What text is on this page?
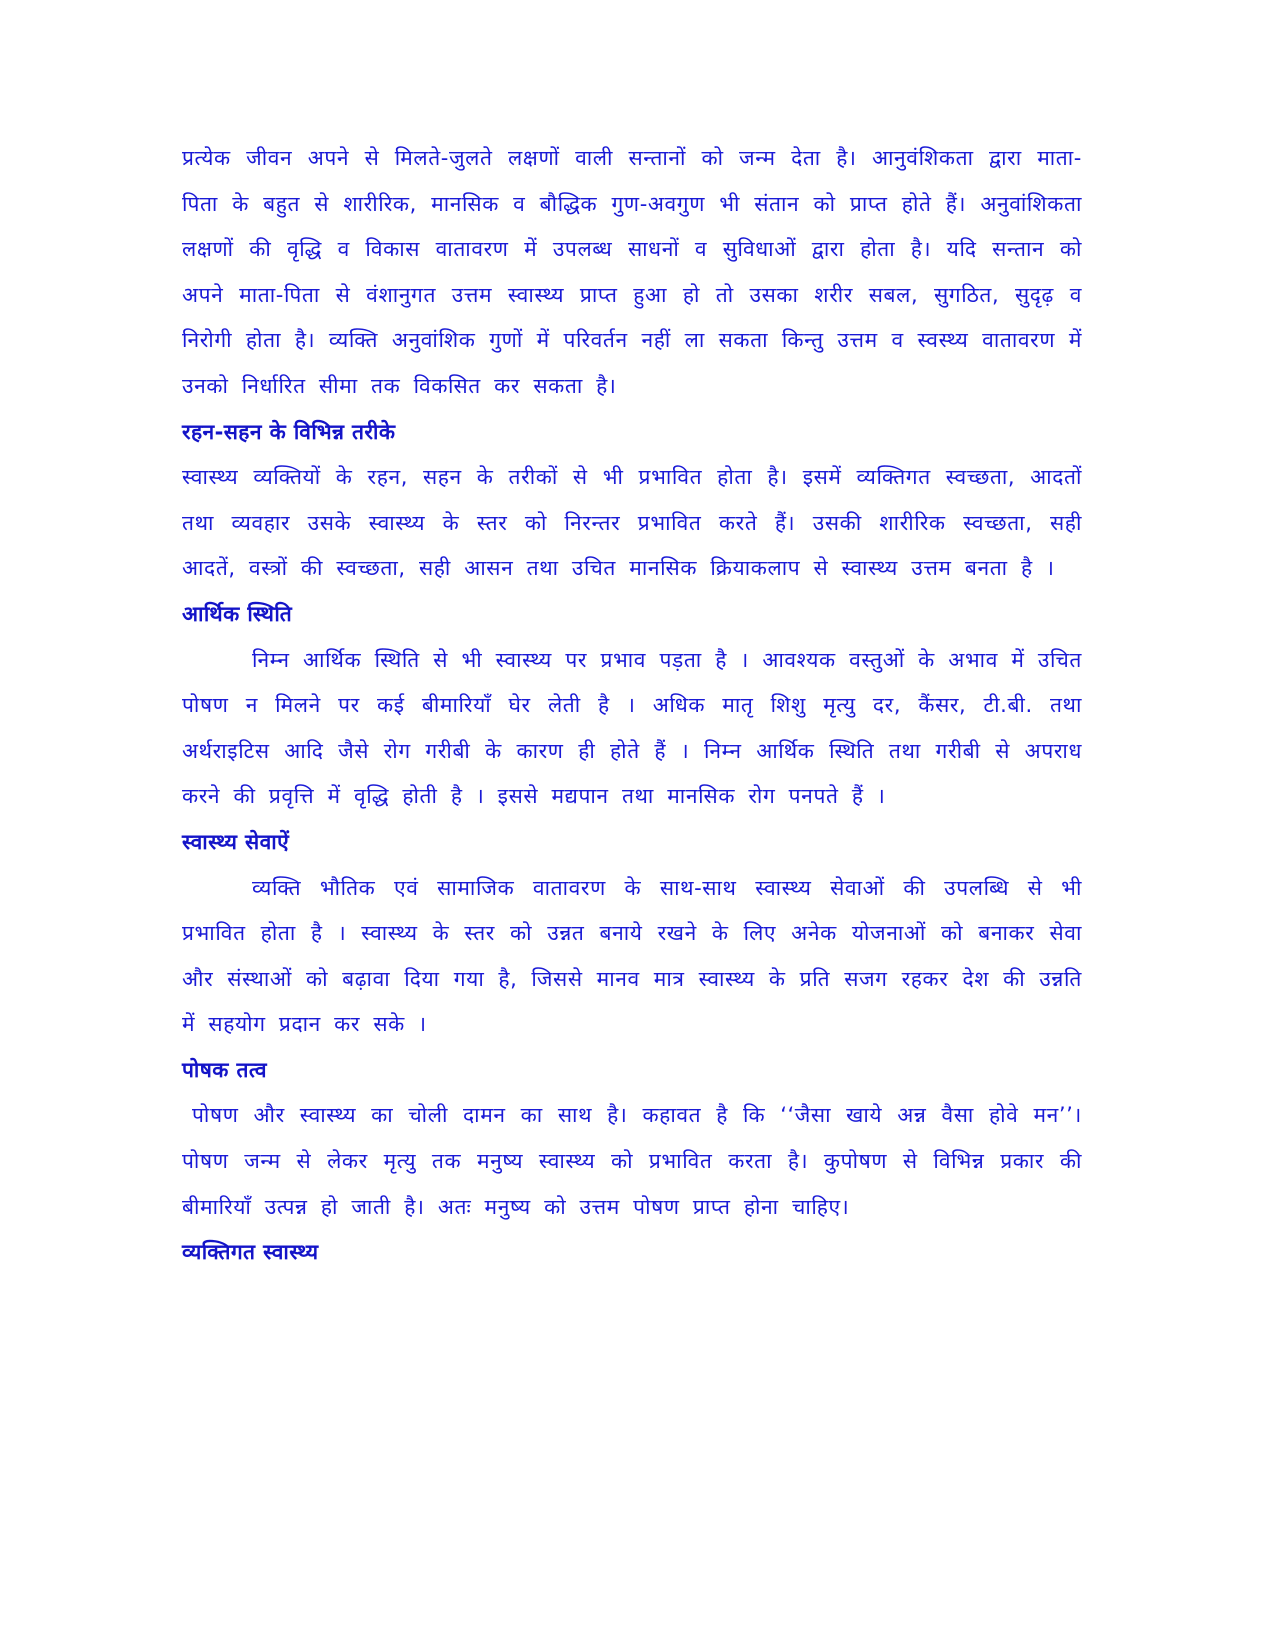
प्रत्येक जीवन अपने से मिलते-जुलते लक्षणों वाली सन्तानों को जन्म देता है। आनुवंशिकता द्वारा माता-पिता के बहुत से शारीरिक, मानसिक व बौद्धिक गुण-अवगुण भी संतान को प्राप्त होते हैं। अनुवांशिकता लक्षणों की वृद्धि व विकास वातावरण में उपलब्ध साधनों व सुविधाओं द्वारा होता है। यदि सन्तान को अपने माता-पिता से वंशानुगत उत्तम स्वास्थ्य प्राप्त हुआ हो तो उसका शरीर सबल, सुगठित, सुदृढ़ व निरोगी होता है। व्यक्ति अनुवांशिक गुणों में परिवर्तन नहीं ला सकता किन्तु उत्तम व स्वस्थ्य वातावरण में उनको निर्धारित सीमा तक विकसित कर सकता है।

रहन-सहन के विभिन्न तरीके

स्वास्थ्य व्यक्तियों के रहन, सहन के तरीकों से भी प्रभावित होता है। इसमें व्यक्तिगत स्वच्छता, आदतों तथा व्यवहार उसके स्वास्थ्य के स्तर को निरन्तर प्रभावित करते हैं। उसकी शारीरिक स्वच्छता, सही आदतें, वस्त्रों की स्वच्छता, सही आसन तथा उचित मानसिक क्रियाकलाप से स्वास्थ्य उत्तम बनता है ।

आर्थिक स्थिति

निम्न आर्थिक स्थिति से भी स्वास्थ्य पर प्रभाव पड़ता है । आवश्यक वस्तुओं के अभाव में उचित पोषण न मिलने पर कई बीमारियाँ घेर लेती है । अधिक मातृ शिशु मृत्यु दर, कैंसर, टी.बी. तथा अर्थराइटिस आदि जैसे रोग गरीबी के कारण ही होते हैं । निम्न आर्थिक स्थिति तथा गरीबी से अपराध करने की प्रवृत्ति में वृद्धि होती है । इससे मद्यपान तथा मानसिक रोग पनपते हैं ।

स्वास्थ्य सेवाऐं

व्यक्ति भौतिक एवं सामाजिक वातावरण के साथ-साथ स्वास्थ्य सेवाओं की उपलब्धि से भी प्रभावित होता है । स्वास्थ्य के स्तर को उन्नत बनाये रखने के लिए अनेक योजनाओं को बनाकर सेवा और संस्थाओं को बढ़ावा दिया गया है, जिससे मानव मात्र स्वास्थ्य के प्रति सजग रहकर देश की उन्नति में सहयोग प्रदान कर सके ।

पोषक तत्व

पोषण और स्वास्थ्य का चोली दामन का साथ है। कहावत है कि ‘‘जैसा खाये अन्न वैसा होवे मन’’। पोषण जन्म से लेकर मृत्यु तक मनुष्य स्वास्थ्य को प्रभावित करता है। कुपोषण से विभिन्न प्रकार की बीमारियाँ उत्पन्न हो जाती है। अतः मनुष्य को उत्तम पोषण प्राप्त होना चाहिए।

व्यक्तिगत स्वास्थ्य
